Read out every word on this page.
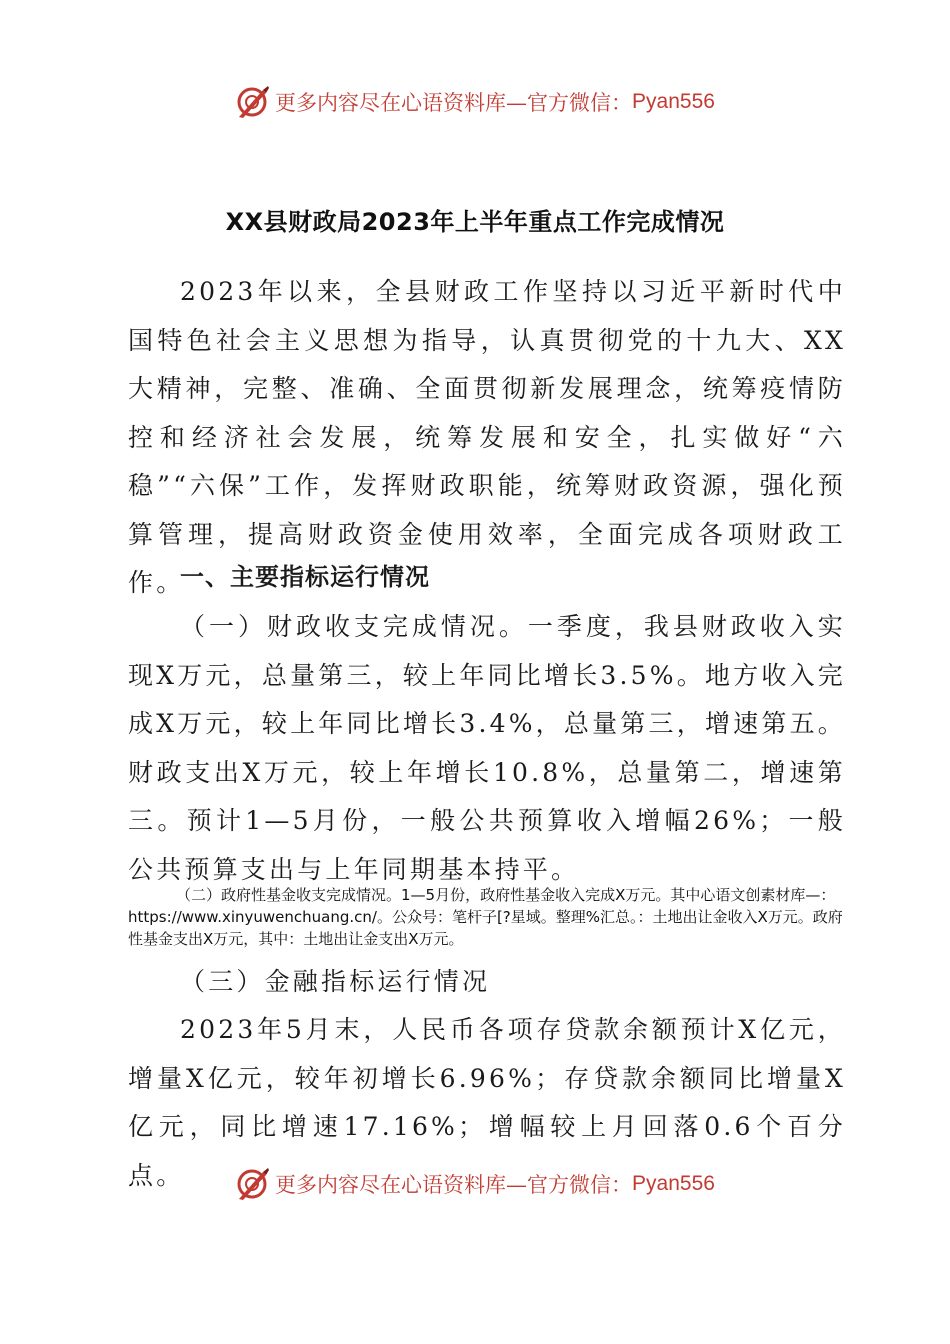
更多内容尽在心语资料库—官方微信： Pyan556
XX县财政局2023年上半年重点工作完成情况

2023年以来，全县财政工作坚持以习近平新时代中国特色社会主义思想为指导，认真贯彻党的十九大、XX大精神，完整、准确、全面贯彻新发展理念，统筹疫情防控和经济社会发展，统筹发展和安全，扎实做好“六稳”“六保”工作，发挥财政职能，统筹财政资源，强化预算管理，提高财政资金使用效率，全面完成各项财政工作。

一、主要指标运行情况

（一）财政收支完成情况。一季度，我县财政收入实现X万元，总量第三，较上年同比增长3.5%。地方收入完成X万元，较上年同比增长3.4%，总量第三，增速第五。财政支出X万元，较上年增长10.8%，总量第二，增速第三。预计1—5月份，一般公共预算收入增幅26%；一般公共预算支出与上年同期基本持平。

（二）政府性基金收支完成情况。1—5月份，政府性基金收入完成X万元。其中心语文创素材库—：https://www.xinyuwenchuang.cn/。公众号：笔杆子[?星域。整理%汇总。：土地出让金收入X万元。政府性基金支出X万元，其中：土地出让金支出X万元。

（三）金融指标运行情况

2023年5月末，人民币各项存贷款余额预计X亿元，增量X亿元，较年初增长6.96%；存贷款余额同比增量X亿元，同比增速17.16%；增幅较上月回落0.6个百分点。	更多内容尽在心语资料库—官方微信： Pyan556
